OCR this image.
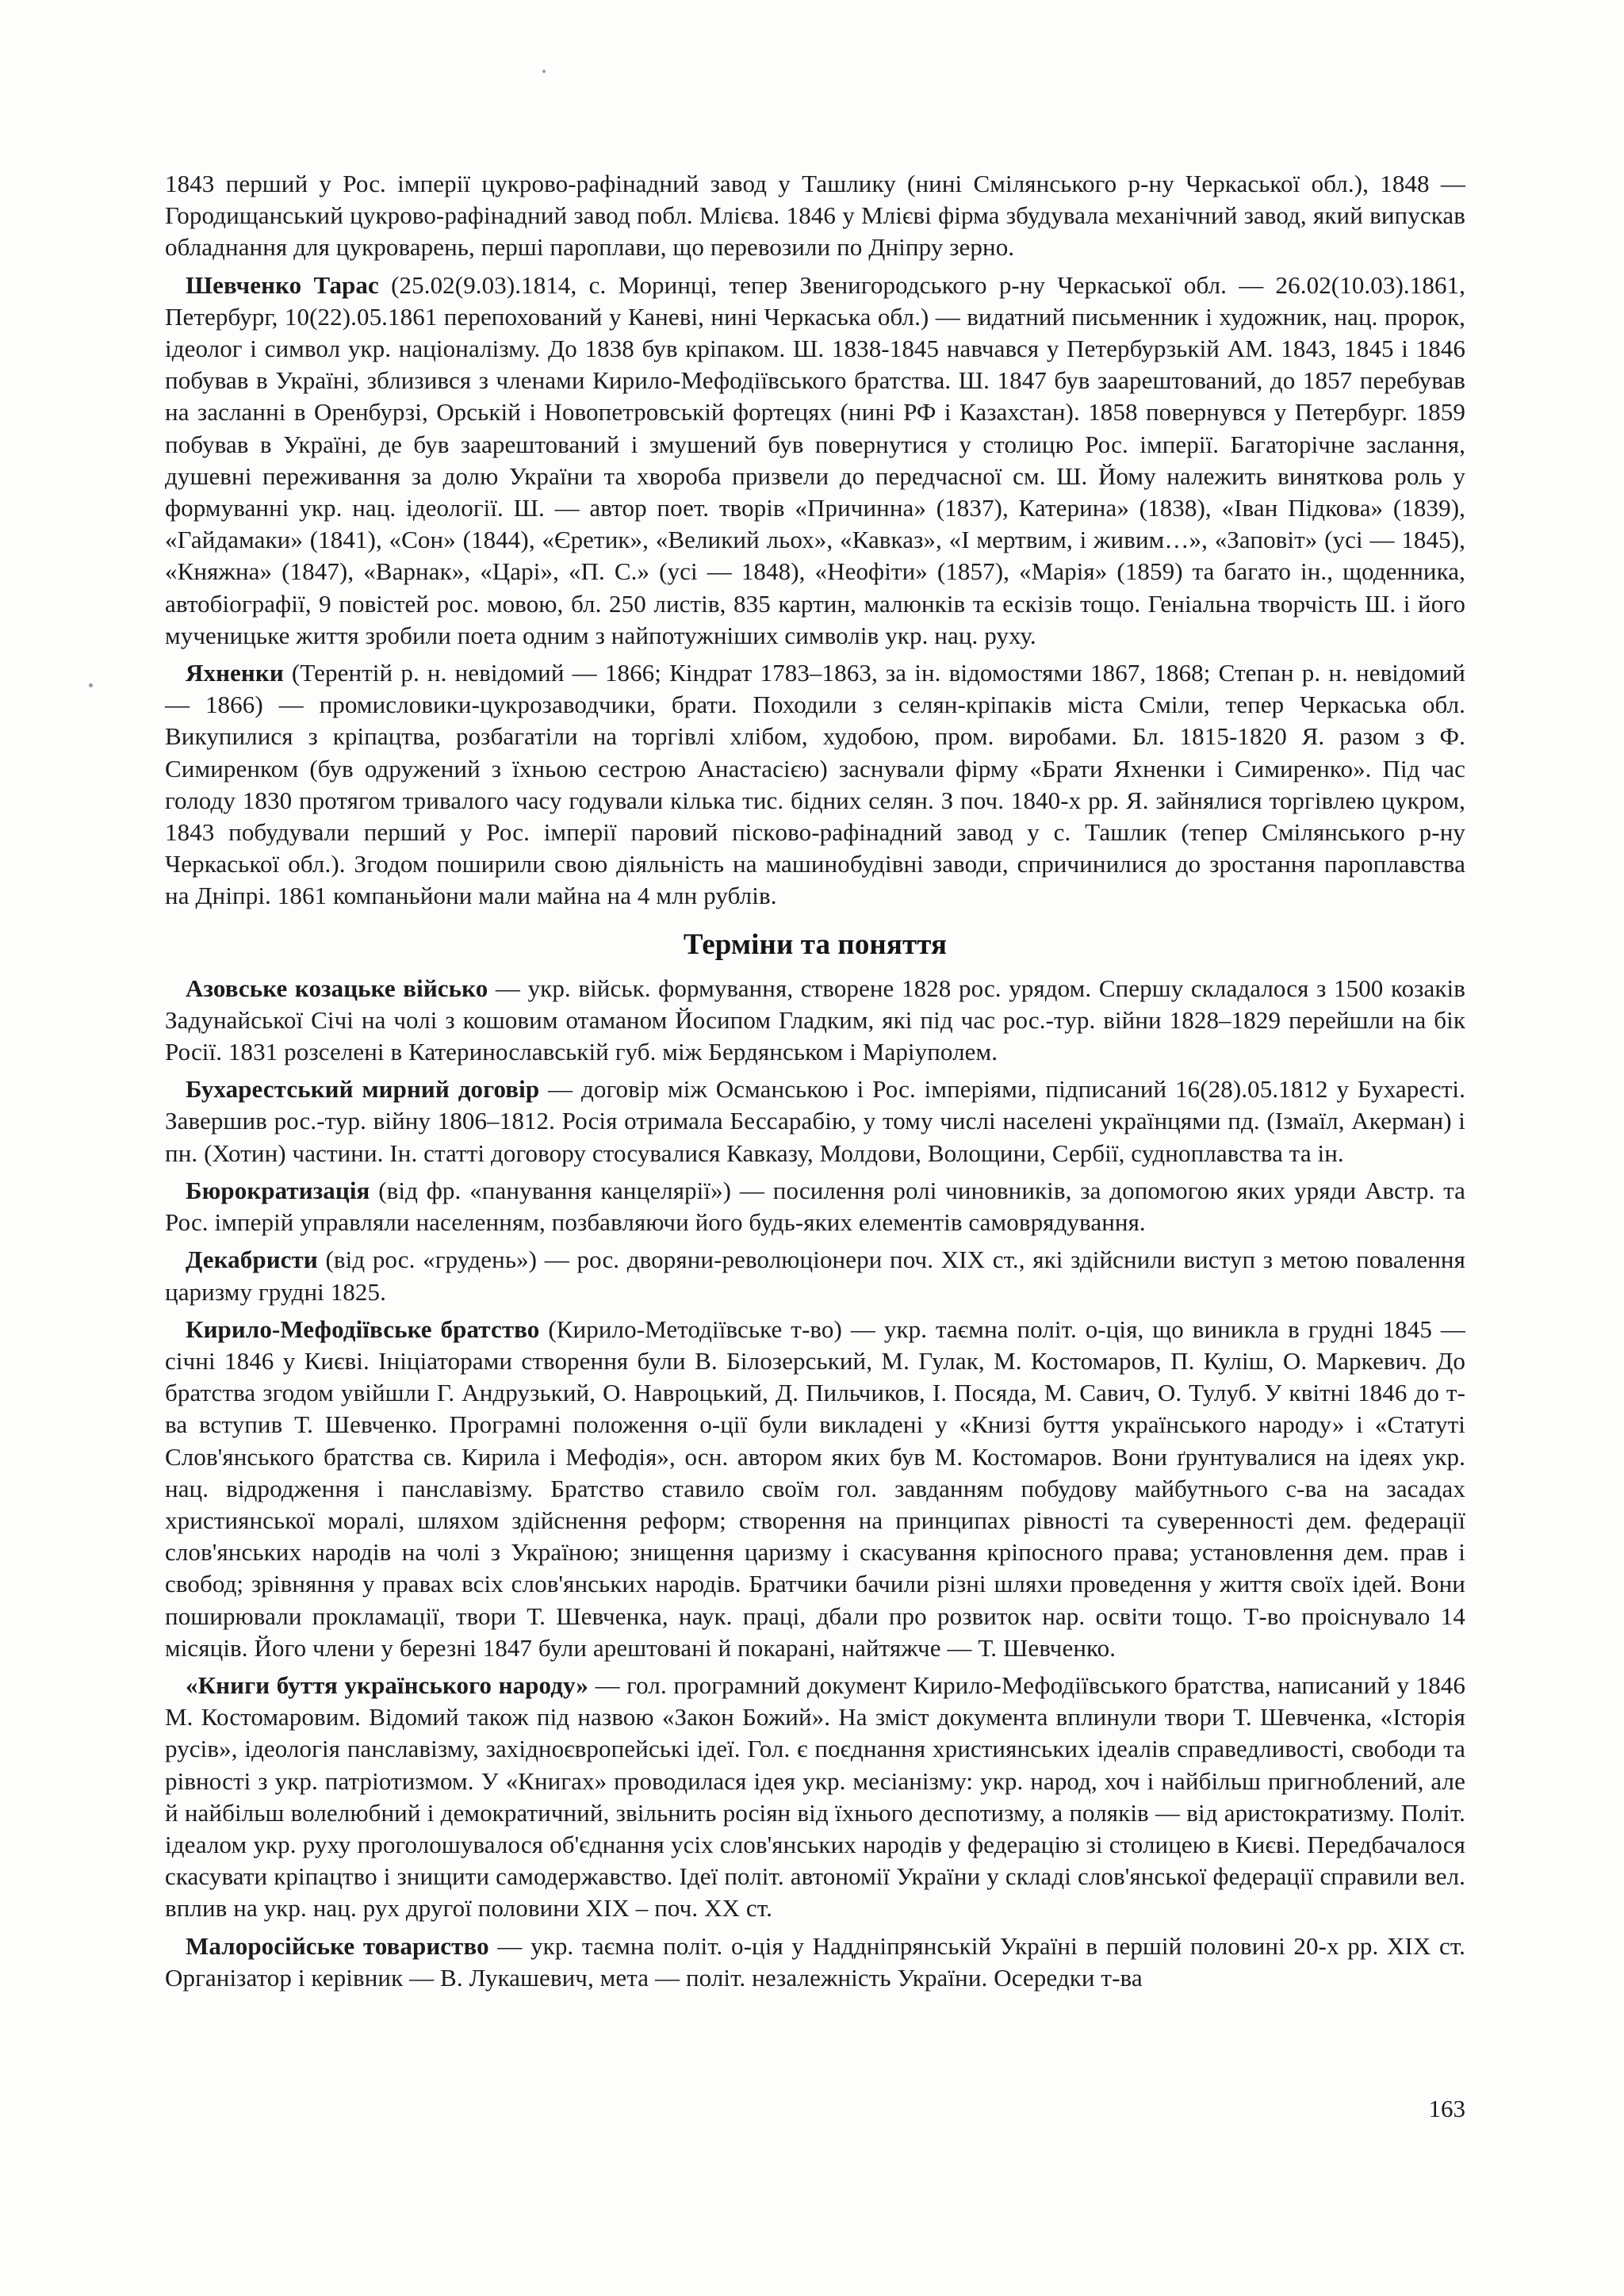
1843 перший у Рос. імперії цукрово-рафінадний завод у Ташлику (нині Смілянського р-ну Черкаської обл.), 1848 — Городищанський цукрово-рафінадний завод побл. Млієва. 1846 у Млієві фірма збудувала механічний завод, який випускав обладнання для цукроварень, перші пароплави, що перевозили по Дніпру зерно.

Шевченко Тарас (25.02(9.03).1814, с. Моринці, тепер Звенигородського р-ну Черкаської обл. — 26.02(10.03).1861, Петербург, 10(22).05.1861 перепохований у Каневі, нині Черкаська обл.) — видатний письменник і художник, нац. пророк, ідеолог і символ укр. націоналізму. До 1838 був кріпаком. Ш. 1838-1845 навчався у Петербурзькій АМ. 1843, 1845 і 1846 побував в Україні, зблизився з членами Кирило-Мефодіївського братства. Ш. 1847 був заарештований, до 1857 перебував на засланні в Оренбурзі, Орській і Новопетровській фортецях (нині РФ і Казахстан). 1858 повернувся у Петербург. 1859 побував в Україні, де був заарештований і змушений був повернутися у столицю Рос. імперії. Багаторічне заслання, душевні переживання за долю України та хвороба призвели до передчасної см. Ш. Йому належить виняткова роль у формуванні укр. нац. ідеології. Ш. — автор поет. творів «Причинна» (1837), Катерина» (1838), «Іван Підкова» (1839), «Гайдамаки» (1841), «Сон» (1844), «Єретик», «Великий льох», «Кавказ», «І мертвим, і живим…», «Заповіт» (усі — 1845), «Княжна» (1847), «Варнак», «Царі», «П. С.» (усі — 1848), «Неофіти» (1857), «Марія» (1859) та багато ін., щоденника, автобіографії, 9 повістей рос. мовою, бл. 250 листів, 835 картин, малюнків та ескізів тощо. Геніальна творчість Ш. і його мученицьке життя зробили поета одним з найпотужніших символів укр. нац. руху.

Яхненки (Терентій р. н. невідомий — 1866; Кіндрат 1783–1863, за ін. відомостями 1867, 1868; Степан р. н. невідомий — 1866) — промисловики-цукрозаводчики, брати. Походили з селян-кріпаків міста Сміли, тепер Черкаська обл. Викупилися з кріпацтва, розбагатіли на торгівлі хлібом, худобою, пром. виробами. Бл. 1815-1820 Я. разом з Ф. Симиренком (був одружений з їхньою сестрою Анастасією) заснували фірму «Брати Яхненки і Симиренко». Під час голоду 1830 протягом тривалого часу годували кілька тис. бідних селян. З поч. 1840-х рр. Я. зайнялися торгівлею цукром, 1843 побудували перший у Рос. імперії паровий піскoво-рафінадний завод у с. Ташлик (тепер Смілянського р-ну Черкаської обл.). Згодом поширили свою діяльність на машинобудівні заводи, спричинилися до зростання пароплавства на Дніпрі. 1861 компаньйони мали майна на 4 млн рублів.

Терміни та поняття

Азовське козацьке військо — укр. військ. формування, створене 1828 рос. урядом. Спершу складалося з 1500 козаків Задунайської Січі на чолі з кошовим отаманом Йосипом Гладким, які під час рос.-тур. війни 1828–1829 перейшли на бік Росії. 1831 розселені в Катеринославській губ. між Бердянськом і Маріуполем.

Бухарестський мирний договір — договір між Османською і Рос. імперіями, підписаний 16(28).05.1812 у Бухаресті. Завершив рос.-тур. війну 1806–1812. Росія отримала Бессарабію, у тому числі населені українцями пд. (Ізмаїл, Акерман) і пн. (Хотин) частини. Ін. статті договору стосувалися Кавказу, Молдови, Волощини, Сербії, судноплавства та ін.

Бюрократизація (від фр. «панування канцелярії») — посилення ролі чиновників, за допомогою яких уряди Австр. та Рос. імперій управляли населенням, позбавляючи його будь-яких елементів самоврядування.

Декабристи (від рос. «грудень») — рос. дворяни-революціонери поч. XIX ст., які здійснили виступ з метою повалення царизму грудні 1825.

Кирило-Мефодіївське братство (Кирило-Методіївське т-во) — укр. таємна політ. о-ція, що виникла в грудні 1845 — січні 1846 у Києві. Ініціаторами створення були В. Білозерський, М. Гулак, М. Костомаров, П. Куліш, О. Маркевич. До братства згодом увійшли Г. Андрузький, О. Навроцький, Д. Пильчиков, І. Посяда, М. Савич, О. Тулуб. У квітні 1846 до т-ва вступив Т. Шевченко. Програмні положення о-ції були викладені у «Книзі буття українського народу» і «Статуті Слов'янського братства св. Кирила і Мефодія», осн. автором яких був М. Костомаров. Вони ґрунтувалися на ідеях укр. нац. відродження і панславізму. Братство ставило своїм гол. завданням побудову майбутнього с-ва на засадах християнської моралі, шляхом здійснення реформ; створення на принципах рівності та суверенності дем. федерації слов'янських народів на чолі з Україною; знищення царизму і скасування кріпосного права; установлення дем. прав і свобод; зрівняння у правах всіх слов'янських народів. Братчики бачили різні шляхи проведення у життя своїх ідей. Вони поширювали прокламації, твори Т. Шевченка, наук. праці, дбали про розвиток нар. освіти тощо. Т-во проіснувало 14 місяців. Його члени у березні 1847 були арештовані й покарані, найтяжче — Т. Шевченко.

«Книги буття українського народу» — гол. програмний документ Кирило-Мефодіївського братства, написаний у 1846 М. Костомаровим. Відомий також під назвою «Закон Божий». На зміст документа вплинули твори Т. Шевченка, «Історія русів», ідеологія панславізму, західноєвропейські ідеї. Гол. є поєднання християнських ідеалів справедливості, свободи та рівності з укр. патріотизмом. У «Книгах» проводилася ідея укр. месіанізму: укр. народ, хоч і найбільш пригноблений, але й найбільш волелюбний і демократичний, звільнить росіян від їхнього деспотизму, а поляків — від аристократизму. Політ. ідеалом укр. руху проголошувалося об'єднання усіх слов'янських народів у федерацію зі столицею в Києві. Передбачалося скасувати кріпацтво і знищити самодержавство. Ідеї політ. автономії України у складі слов'янської федерації справили вел. вплив на укр. нац. рух другої половини XIX – поч. XX ст.

Малоросійське товариство — укр. таємна політ. о-ція у Наддніпрянській Україні в першій половині 20-х рр. XIX ст. Організатор і керівник — В. Лукашевич, мета — політ. незалежність України. Осередки т-ва

163
